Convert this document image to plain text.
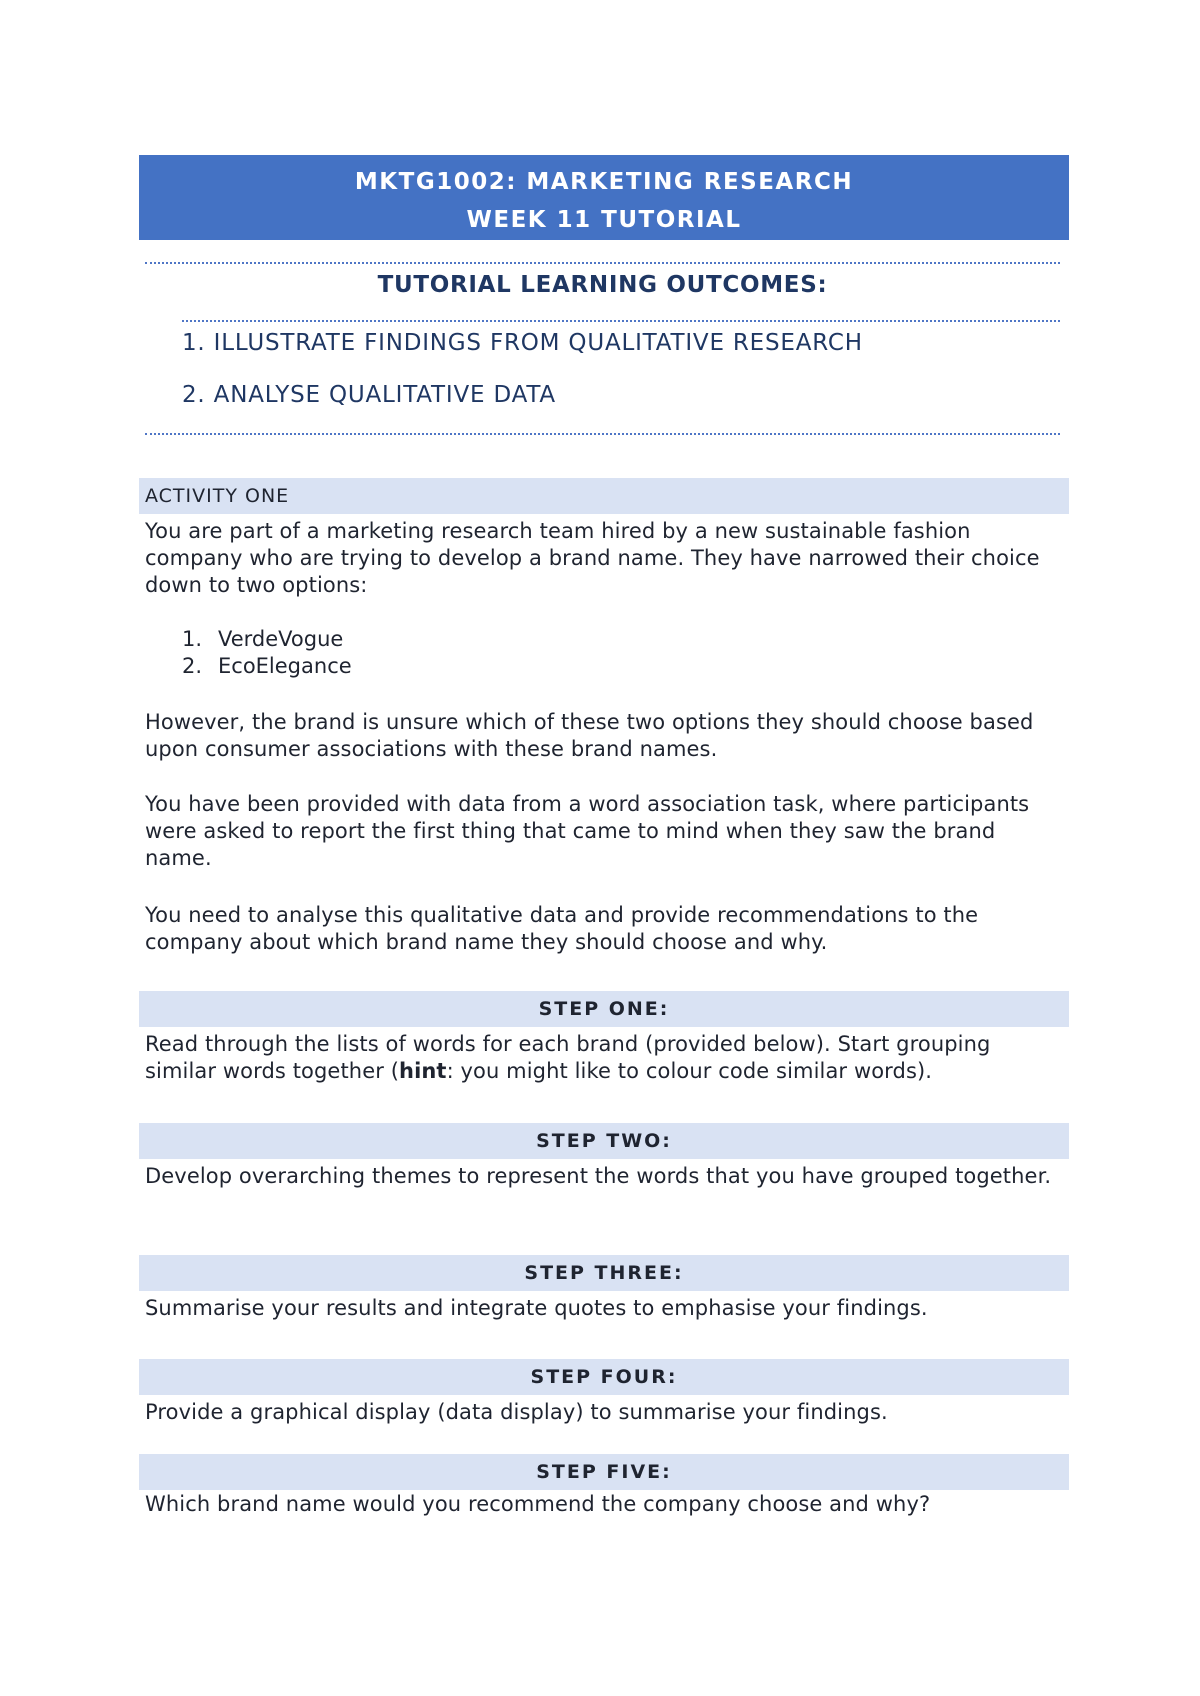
MKTG1002: MARKETING RESEARCH
WEEK 11 TUTORIAL
TUTORIAL LEARNING OUTCOMES:
1. ILLUSTRATE FINDINGS FROM QUALITATIVE RESEARCH
2. ANALYSE QUALITATIVE DATA
ACTIVITY ONE
You are part of a marketing research team hired by a new sustainable fashion company who are trying to develop a brand name. They have narrowed their choice down to two options:
1. VerdeVogue
2. EcoElegance
However, the brand is unsure which of these two options they should choose based upon consumer associations with these brand names.
You have been provided with data from a word association task, where participants were asked to report the first thing that came to mind when they saw the brand name.
You need to analyse this qualitative data and provide recommendations to the company about which brand name they should choose and why.
STEP ONE:
Read through the lists of words for each brand (provided below). Start grouping similar words together (hint: you might like to colour code similar words).
STEP TWO:
Develop overarching themes to represent the words that you have grouped together.
STEP THREE:
Summarise your results and integrate quotes to emphasise your findings.
STEP FOUR:
Provide a graphical display (data display) to summarise your findings.
STEP FIVE:
Which brand name would you recommend the company choose and why?
